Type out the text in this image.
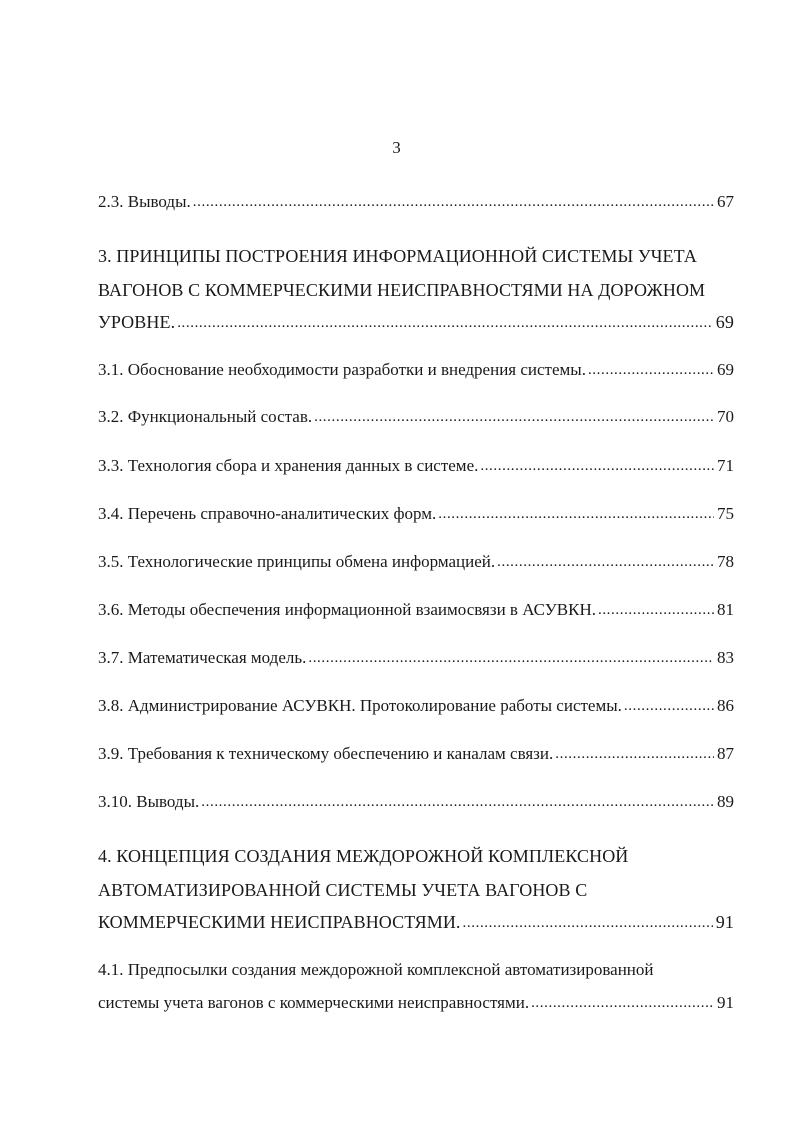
3
2.3. Выводы. .....	67
3. ПРИНЦИПЫ ПОСТРОЕНИЯ ИНФОРМАЦИОННОЙ СИСТЕМЫ УЧЕТА
ВАГОНОВ С КОММЕРЧЕСКИМИ НЕИСПРАВНОСТЯМИ НА ДОРОЖНОМ
УРОВНЕ. .....	69
3.1. Обоснование необходимости разработки и внедрения системы. .....	69
3.2. Функциональный состав. .....	70
3.3. Технология сбора и хранения данных в системе. .....	71
3.4. Перечень справочно-аналитических форм. .....	75
3.5. Технологические принципы обмена информацией. .....	78
3.6. Методы обеспечения информационной взаимосвязи в АСУВКН. .....	81
3.7. Математическая модель. .....	83
3.8. Администрирование АСУВКН. Протоколирование работы системы. .....	86
3.9. Требования к техническому обеспечению и каналам связи. .....	87
3.10. Выводы. .....	89
4. КОНЦЕПЦИЯ СОЗДАНИЯ МЕЖДОРОЖНОЙ КОМПЛЕКСНОЙ
АВТОМАТИЗИРОВАННОЙ СИСТЕМЫ УЧЕТА ВАГОНОВ С
КОММЕРЧЕСКИМИ НЕИСПРАВНОСТЯМИ. .....	91
4.1. Предпосылки создания междорожной комплексной автоматизированной
системы учета вагонов с коммерческими неисправностями. .....	91
